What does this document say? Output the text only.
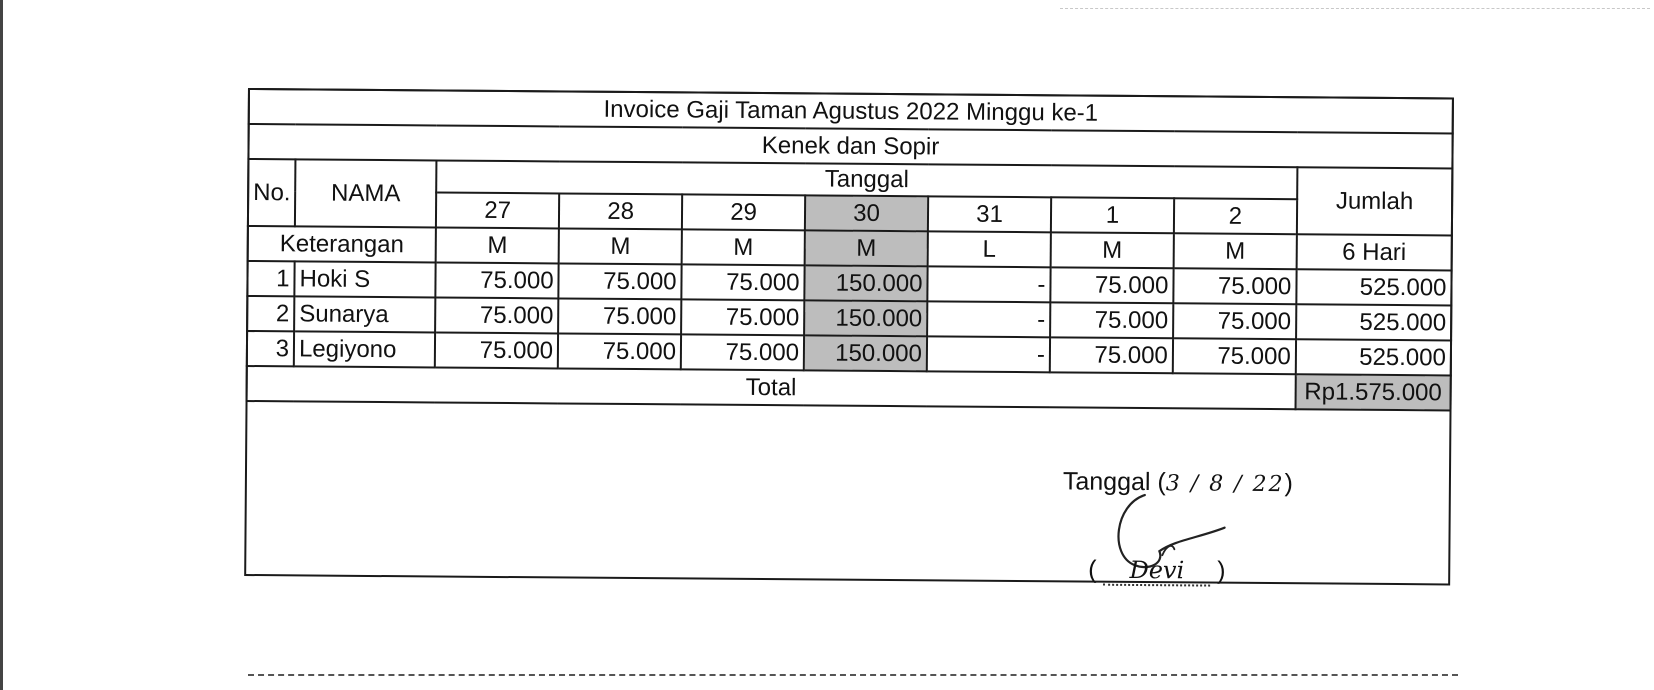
Invoice Gaji Taman Agustus 2022 Minggu ke-1									
Kenek dan Sopir									
No.	NAMA	Tanggal							Jumlah
		27	28	29	30	31	1	2	
Keterangan		M	M	M	M	L	M	M	6 Hari
1	Hoki S	75.000	75.000	75.000	150.000	-	75.000	75.000	525.000
2	Sunarya	75.000	75.000	75.000	150.000	-	75.000	75.000	525.000
3	Legiyono	75.000	75.000	75.000	150.000	-	75.000	75.000	525.000
Total									Rp1.575.000
Tanggal (3 / 8 / 22)
( Devi )
